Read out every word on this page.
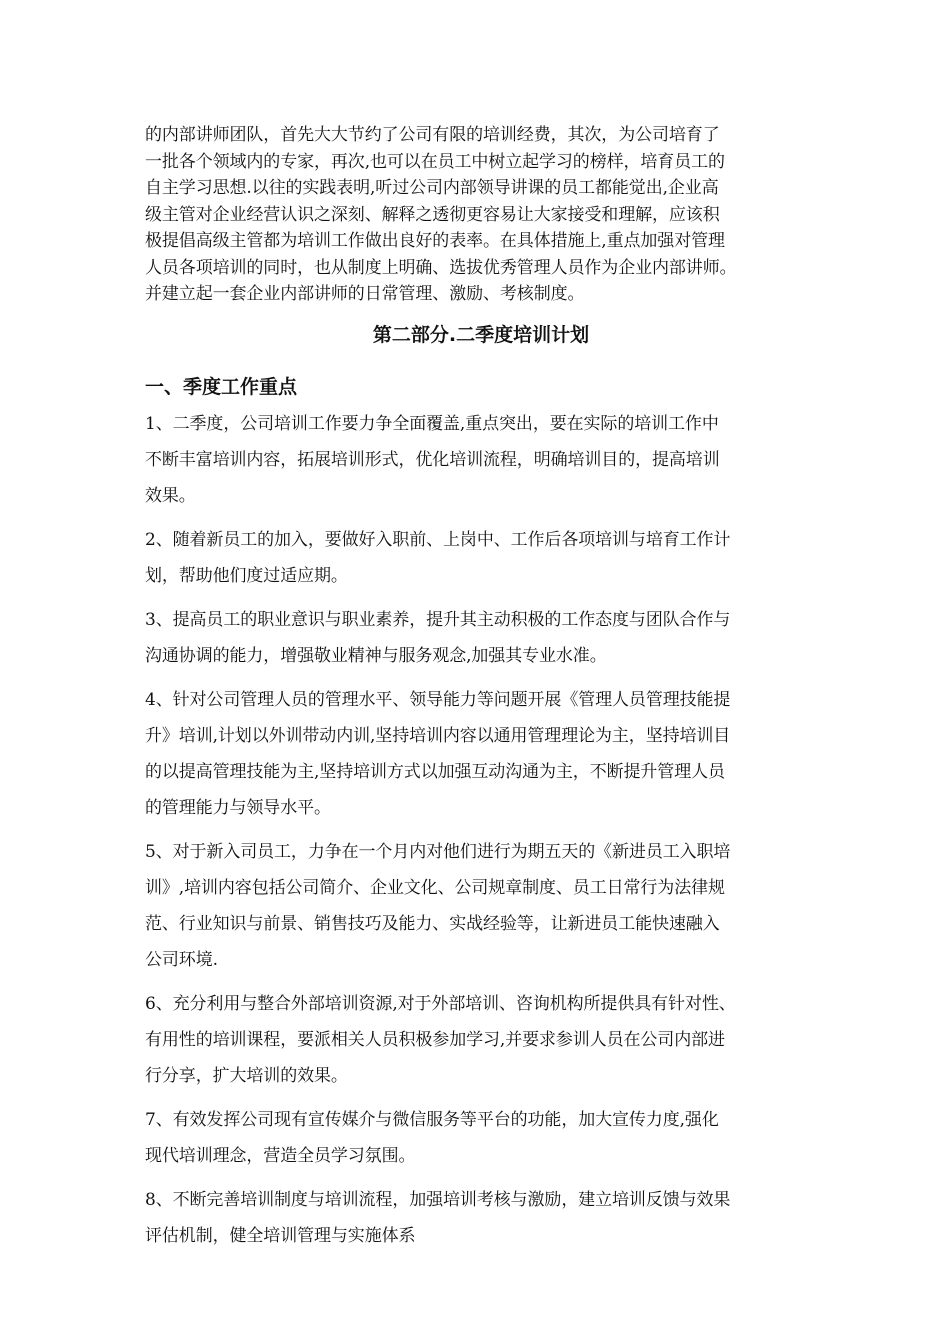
的内部讲师团队，首先大大节约了公司有限的培训经费，其次，为公司培育了
一批各个领域内的专家，再次,也可以在员工中树立起学习的榜样，培育员工的
自主学习思想.以往的实践表明,听过公司内部领导讲课的员工都能觉出,企业高
级主管对企业经营认识之深刻、解释之透彻更容易让大家接受和理解，应该积
极提倡高级主管都为培训工作做出良好的表率。在具体措施上,重点加强对管理
人员各项培训的同时，也从制度上明确、选拔优秀管理人员作为企业内部讲师。
并建立起一套企业内部讲师的日常管理、激励、考核制度。

第二部分.二季度培训计划
一、季度工作重点

1、二季度，公司培训工作要力争全面覆盖,重点突出，要在实际的培训工作中
不断丰富培训内容，拓展培训形式，优化培训流程，明确培训目的，提高培训
效果。

2、随着新员工的加入，要做好入职前、上岗中、工作后各项培训与培育工作计
划，帮助他们度过适应期。

3、提高员工的职业意识与职业素养，提升其主动积极的工作态度与团队合作与
沟通协调的能力，增强敬业精神与服务观念,加强其专业水准。

4、针对公司管理人员的管理水平、领导能力等问题开展《管理人员管理技能提
升》培训,计划以外训带动内训,坚持培训内容以通用管理理论为主，坚持培训目
的以提高管理技能为主,坚持培训方式以加强互动沟通为主，不断提升管理人员
的管理能力与领导水平。

5、对于新入司员工，力争在一个月内对他们进行为期五天的《新进员工入职培
训》,培训内容包括公司简介、企业文化、公司规章制度、员工日常行为法律规
范、行业知识与前景、销售技巧及能力、实战经验等，让新进员工能快速融入
公司环境.

6、充分利用与整合外部培训资源,对于外部培训、咨询机构所提供具有针对性、
有用性的培训课程，要派相关人员积极参加学习,并要求参训人员在公司内部进
行分享，扩大培训的效果。

7、有效发挥公司现有宣传媒介与微信服务等平台的功能，加大宣传力度,强化
现代培训理念，营造全员学习氛围。

8、不断完善培训制度与培训流程，加强培训考核与激励，建立培训反馈与效果
评估机制，健全培训管理与实施体系
